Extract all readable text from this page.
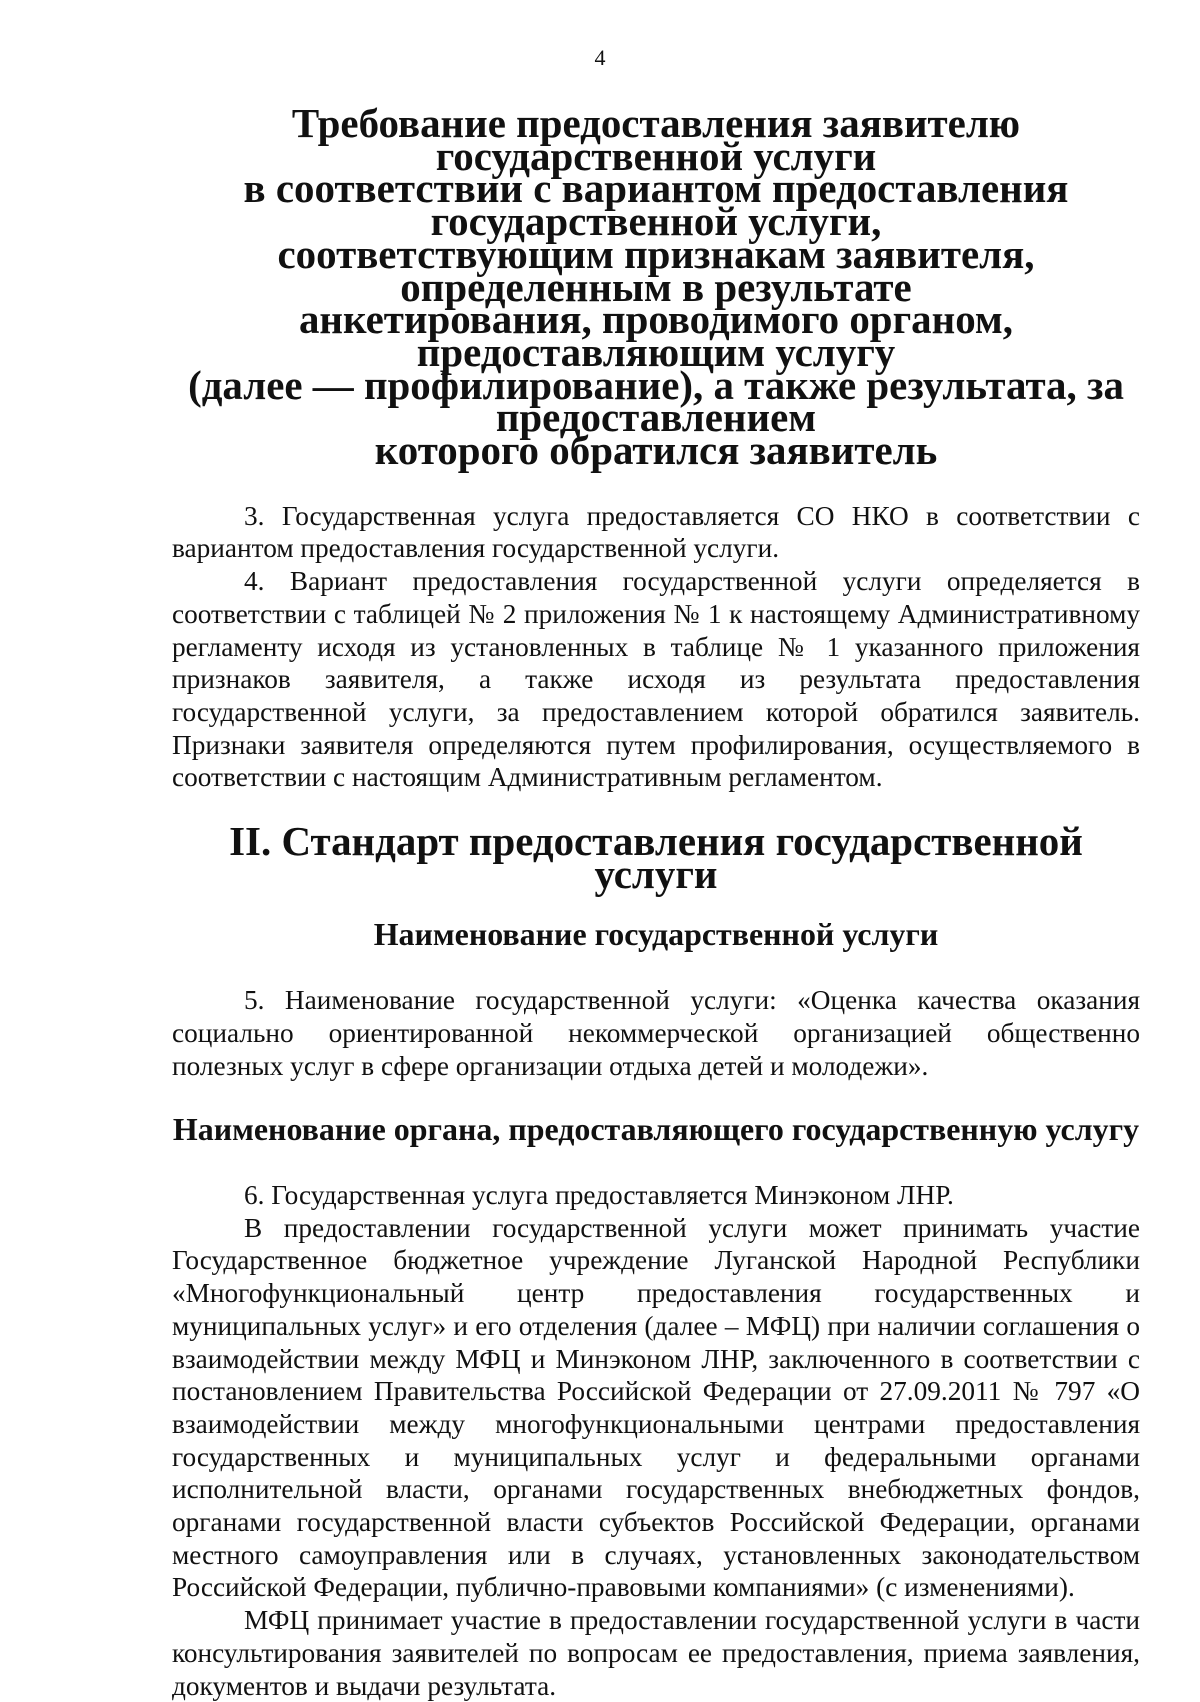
4
Требование предоставления заявителю государственной услуги
в соответствии с вариантом предоставления государственной услуги,
соответствующим признакам заявителя, определенным в результате
анкетирования, проводимого органом, предоставляющим услугу
(далее — профилирование), а также результата, за предоставлением
которого обратился заявитель

3. Государственная услуга предоставляется СО НКО в соответствии с вариантом предоставления государственной услуги.

4. Вариант предоставления государственной услуги определяется в соответствии с таблицей № 2 приложения № 1 к настоящему Административному регламенту исходя из установленных в таблице № 1 указанного приложения признаков заявителя, а также исходя из результата предоставления государственной услуги, за предоставлением которой обратился заявитель. Признаки заявителя определяются путем профилирования, осуществляемого в соответствии с настоящим Административным регламентом.

II. Стандарт предоставления государственной услуги
Наименование государственной услуги

5. Наименование государственной услуги: «Оценка качества оказания социально ориентированной некоммерческой организацией общественно полезных услуг в сфере организации отдыха детей и молодежи».

Наименование органа, предоставляющего государственную услугу

6. Государственная услуга предоставляется Минэконом ЛНР.

В предоставлении государственной услуги может принимать участие Государственное бюджетное учреждение Луганской Народной Республики «Многофункциональный центр предоставления государственных и муниципальных услуг» и его отделения (далее – МФЦ) при наличии соглашения о взаимодействии между МФЦ и Минэконом ЛНР, заключенного в соответствии с постановлением Правительства Российской Федерации от 27.09.2011 № 797 «О взаимодействии между многофункциональными центрами предоставления государственных и муниципальных услуг и федеральными органами исполнительной власти, органами государственных внебюджетных фондов, органами государственной власти субъектов Российской Федерации, органами местного самоуправления или в случаях, установленных законодательством Российской Федерации, публично-правовыми компаниями» (с изменениями).

МФЦ принимает участие в предоставлении государственной услуги в части консультирования заявителей по вопросам ее предоставления, приема заявления, документов и выдачи результата.
